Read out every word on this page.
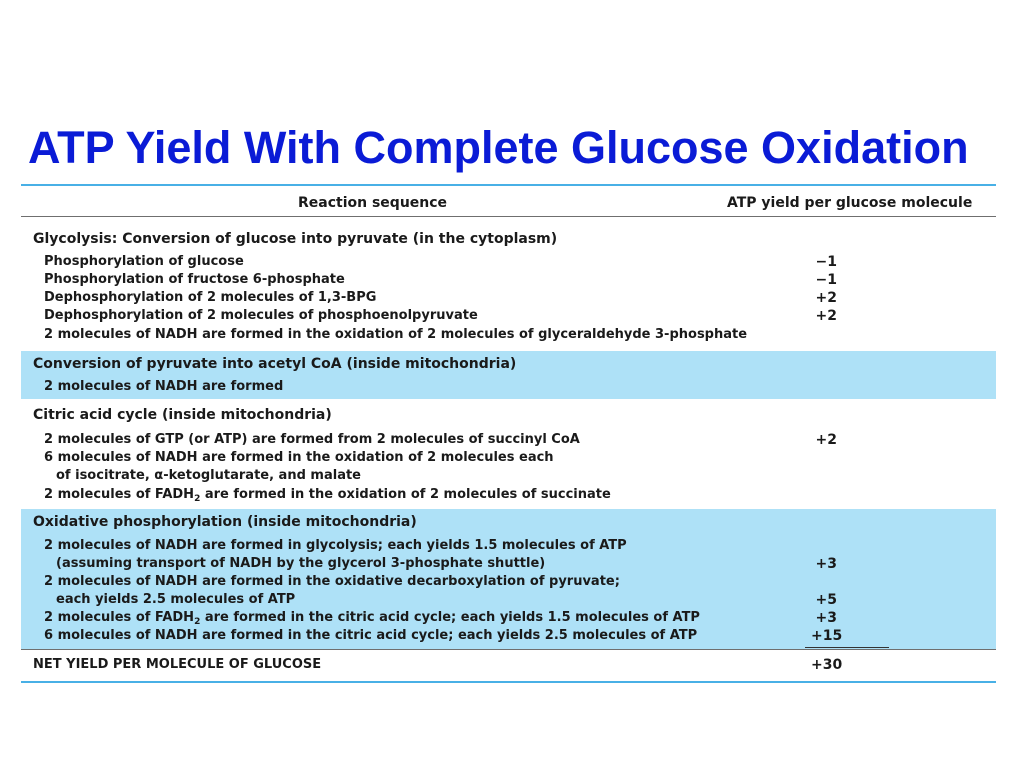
ATP Yield With Complete Glucose Oxidation
Reaction sequence	ATP yield per glucose molecule
Glycolysis: Conversion of glucose into pyruvate (in the cytoplasm)
Phosphorylation of glucose	−1
Phosphorylation of fructose 6-phosphate	−1
Dephosphorylation of 2 molecules of 1,3-BPG	+2
Dephosphorylation of 2 molecules of phosphoenolpyruvate	+2
2 molecules of NADH are formed in the oxidation of 2 molecules of glyceraldehyde 3-phosphate
Conversion of pyruvate into acetyl CoA (inside mitochondria)
2 molecules of NADH are formed
Citric acid cycle (inside mitochondria)
2 molecules of GTP (or ATP) are formed from 2 molecules of succinyl CoA	+2
6 molecules of NADH are formed in the oxidation of 2 molecules each
of isocitrate, α-ketoglutarate, and malate
2 molecules of $FADH_2$ are formed in the oxidation of 2 molecules of succinate
Oxidative phosphorylation (inside mitochondria)
2 molecules of NADH are formed in glycolysis; each yields 1.5 molecules of ATP
(assuming transport of NADH by the glycerol 3-phosphate shuttle)	+3
2 molecules of NADH are formed in the oxidative decarboxylation of pyruvate;
each yields 2.5 molecules of ATP	+5
2 molecules of $FADH_2$ are formed in the citric acid cycle; each yields 1.5 molecules of ATP	+3
6 molecules of NADH are formed in the citric acid cycle; each yields 2.5 molecules of ATP	+15
NET YIELD PER MOLECULE OF GLUCOSE	+30
